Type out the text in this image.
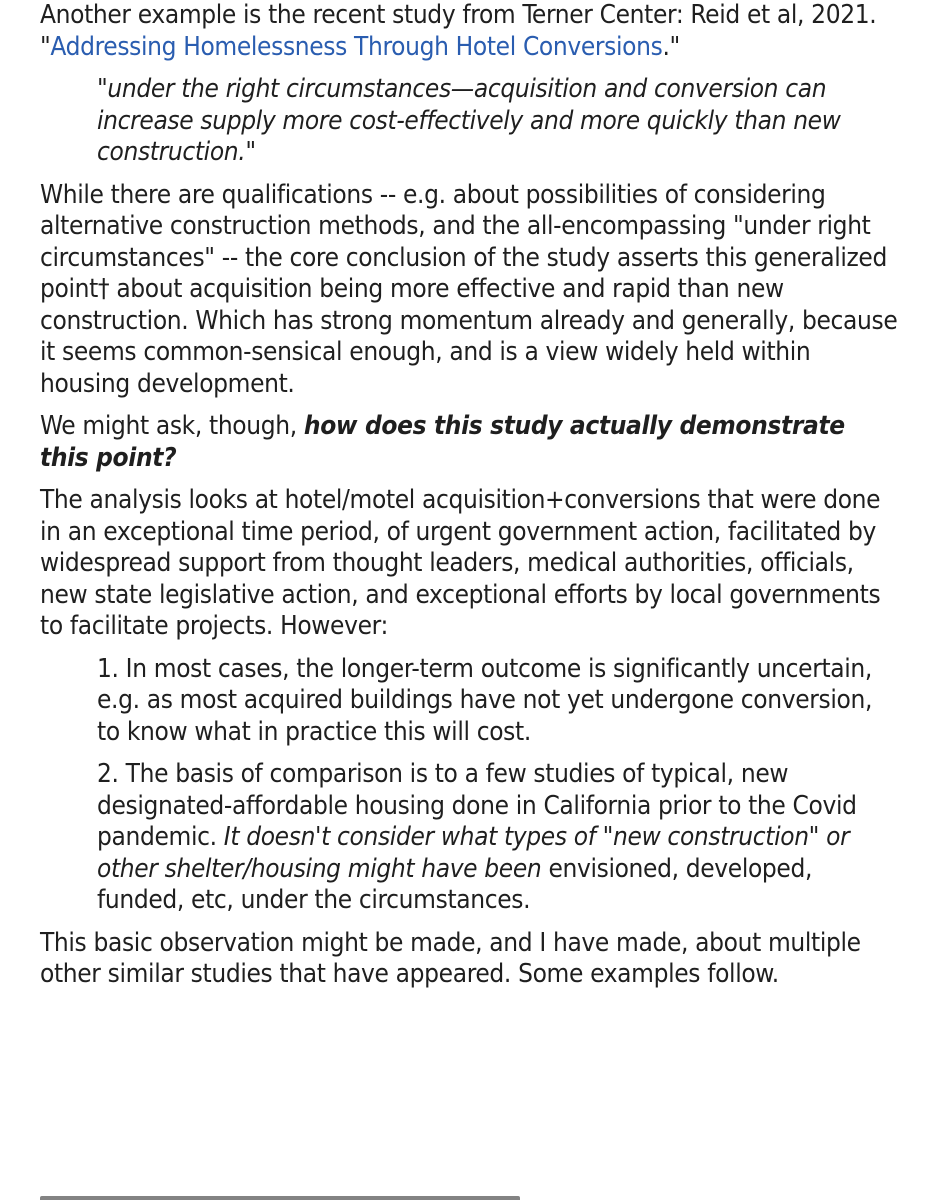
Another example is the recent study from Terner Center: Reid et al, 2021. "Addressing Homelessness Through Hotel Conversions."

"under the right circumstances—acquisition and conversion can increase supply more cost-effectively and more quickly than new construction."

While there are qualifications -- e.g. about possibilities of considering alternative construction methods, and the all-encompassing "under right circumstances" -- the core conclusion of the study asserts this generalized point† about acquisition being more effective and rapid than new construction. Which has strong momentum already and generally, because it seems common-sensical enough, and is a view widely held within housing development.

We might ask, though, how does this study actually demonstrate this point?

The analysis looks at hotel/motel acquisition+conversions that were done in an exceptional time period, of urgent government action, facilitated by widespread support from thought leaders, medical authorities, officials, new state legislative action, and exceptional efforts by local governments to facilitate projects. However:

1. In most cases, the longer-term outcome is significantly uncertain, e.g. as most acquired buildings have not yet undergone conversion, to know what in practice this will cost.

2. The basis of comparison is to a few studies of typical, new designated-affordable housing done in California prior to the Covid pandemic. It doesn't consider what types of "new construction" or other shelter/housing might have been envisioned, developed, funded, etc, under the circumstances.

This basic observation might be made, and I have made, about multiple other similar studies that have appeared. Some examples follow.
